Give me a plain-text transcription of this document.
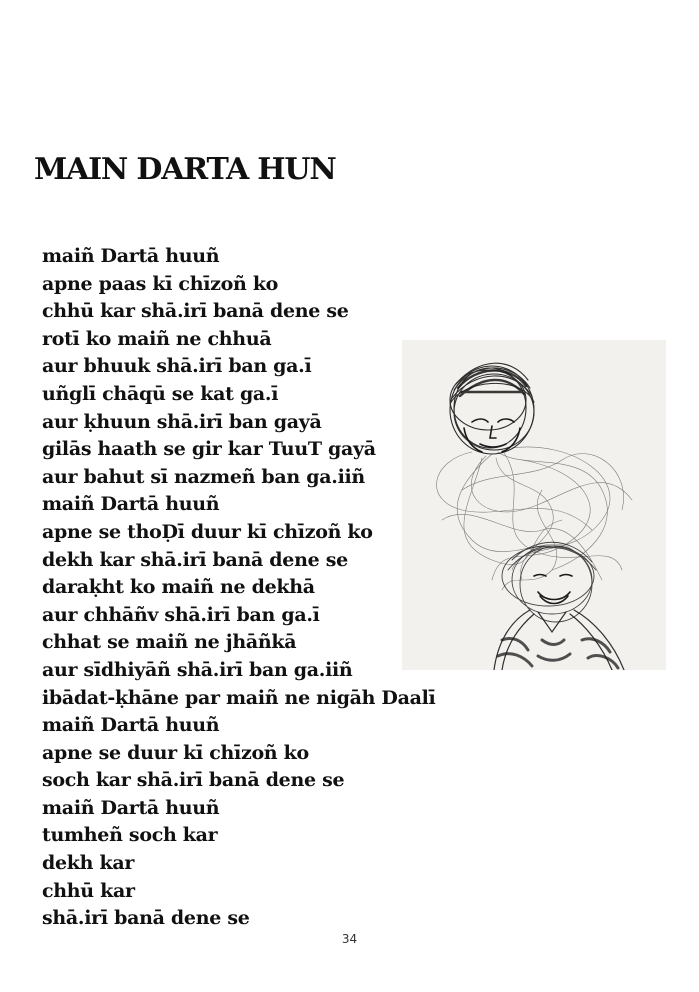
MAIN DARTA HUN
maiñ Dartā huuñ
apne paas kī chīzoñ ko
chhū kar shā.irī banā dene se
rotī ko maiñ ne chhuā
aur bhuuk shā.irī ban ga.ī
uñglī chāqū se kat ga.ī
aur ḳhuun shā.irī ban gayā
gilās haath se gir kar TuuT gayā
aur bahut sī nazmeñ ban ga.iiñ
maiñ Dartā huuñ
apne se thoḌī duur kī chīzoñ ko
dekh kar shā.irī banā dene se
daraḳht ko maiñ ne dekhā
aur chhāñv shā.irī ban ga.ī
chhat se maiñ ne jhāñkā
aur sīdhiyāñ shā.irī ban ga.iiñ
ibādat-ḳhāne par maiñ ne nigāh Daalī
maiñ Dartā huuñ
apne se duur kī chīzoñ ko
soch kar shā.irī banā dene se
maiñ Dartā huuñ
tumheñ soch kar
dekh kar
chhū kar
shā.irī banā dene se
34
